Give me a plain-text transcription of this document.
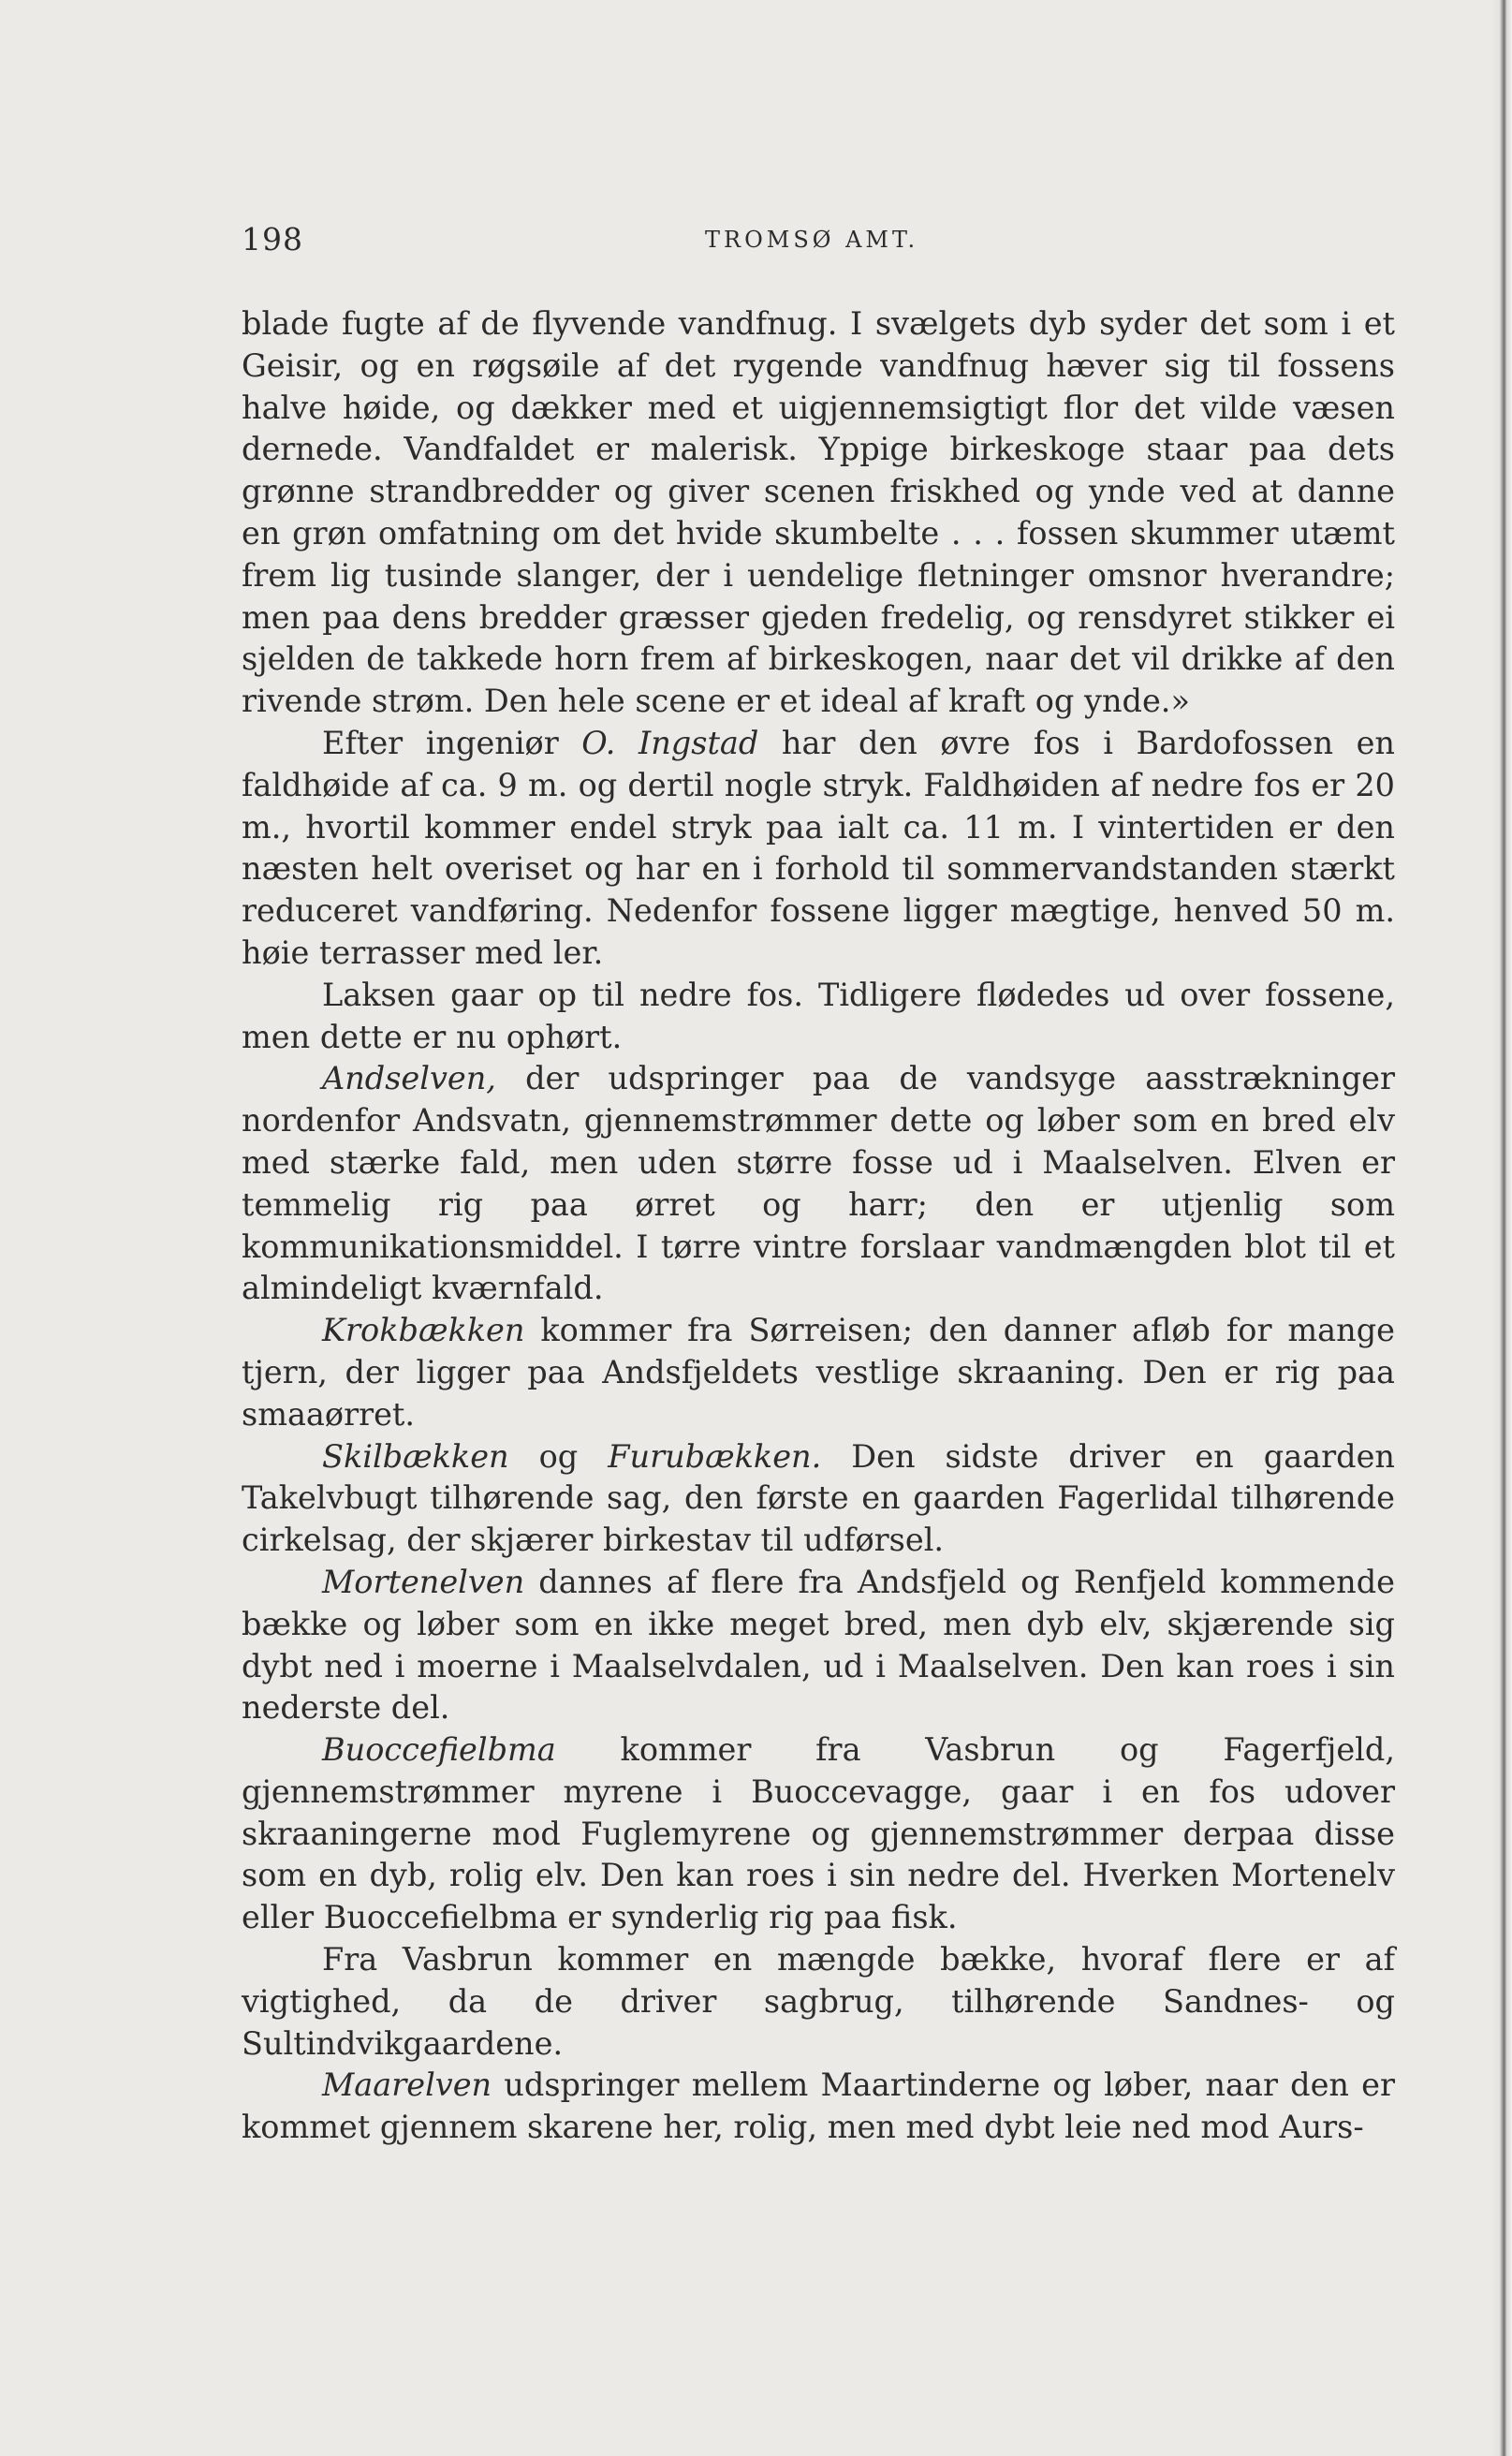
198	TROMSØ AMT.

blade fugte af de flyvende vandfnug. I svælgets dyb syder det som i et Geisir, og en røgsøile af det rygende vandfnug hæver sig til fossens halve høide, og dækker med et uigjennemsigtigt flor det vilde væsen dernede. Vandfaldet er malerisk. Yppige birkeskoge staar paa dets grønne strandbredder og giver scenen friskhed og ynde ved at danne en grøn omfatning om det hvide skumbelte . . . fossen skummer utæmt frem lig tusinde slanger, der i uendelige fletninger omsnor hverandre; men paa dens bredder græsser gjeden fredelig, og rensdyret stikker ei sjelden de takkede horn frem af birkeskogen, naar det vil drikke af den rivende strøm. Den hele scene er et ideal af kraft og ynde.»

Efter ingeniør O. Ingstad har den øvre fos i Bardofossen en faldhøide af ca. 9 m. og dertil nogle stryk. Faldhøiden af nedre fos er 20 m., hvortil kommer endel stryk paa ialt ca. 11 m. I vintertiden er den næsten helt overiset og har en i forhold til sommervandstanden stærkt reduceret vandføring. Nedenfor fossene ligger mægtige, henved 50 m. høie terrasser med ler.

Laksen gaar op til nedre fos. Tidligere flødedes ud over fossene, men dette er nu ophørt.

Andselven, der udspringer paa de vandsyge aasstrækninger nordenfor Andsvatn, gjennemstrømmer dette og løber som en bred elv med stærke fald, men uden større fosse ud i Maalselven. Elven er temmelig rig paa ørret og harr; den er utjenlig som kommunikationsmiddel. I tørre vintre forslaar vandmængden blot til et almindeligt kværnfald.

Krokbækken kommer fra Sørreisen; den danner afløb for mange tjern, der ligger paa Andsfjeldets vestlige skraaning. Den er rig paa smaaørret.

Skilbækken og Furubækken. Den sidste driver en gaarden Takelvbugt tilhørende sag, den første en gaarden Fagerlidal tilhørende cirkelsag, der skjærer birkestav til udførsel.

Mortenelven dannes af flere fra Andsfjeld og Renfjeld kommende bække og løber som en ikke meget bred, men dyb elv, skjærende sig dybt ned i moerne i Maalselvdalen, ud i Maalselven. Den kan roes i sin nederste del.

Buoccefielbma kommer fra Vasbrun og Fagerfjeld, gjennemstrømmer myrene i Buoccevagge, gaar i en fos udover skraaningerne mod Fuglemyrene og gjennemstrømmer derpaa disse som en dyb, rolig elv. Den kan roes i sin nedre del. Hverken Mortenelv eller Buoccefielbma er synderlig rig paa fisk.

Fra Vasbrun kommer en mængde bække, hvoraf flere er af vigtighed, da de driver sagbrug, tilhørende Sandnes- og Sultindvikgaardene.

Maarelven udspringer mellem Maartinderne og løber, naar den er kommet gjennem skarene her, rolig, men med dybt leie ned mod Aurs-
